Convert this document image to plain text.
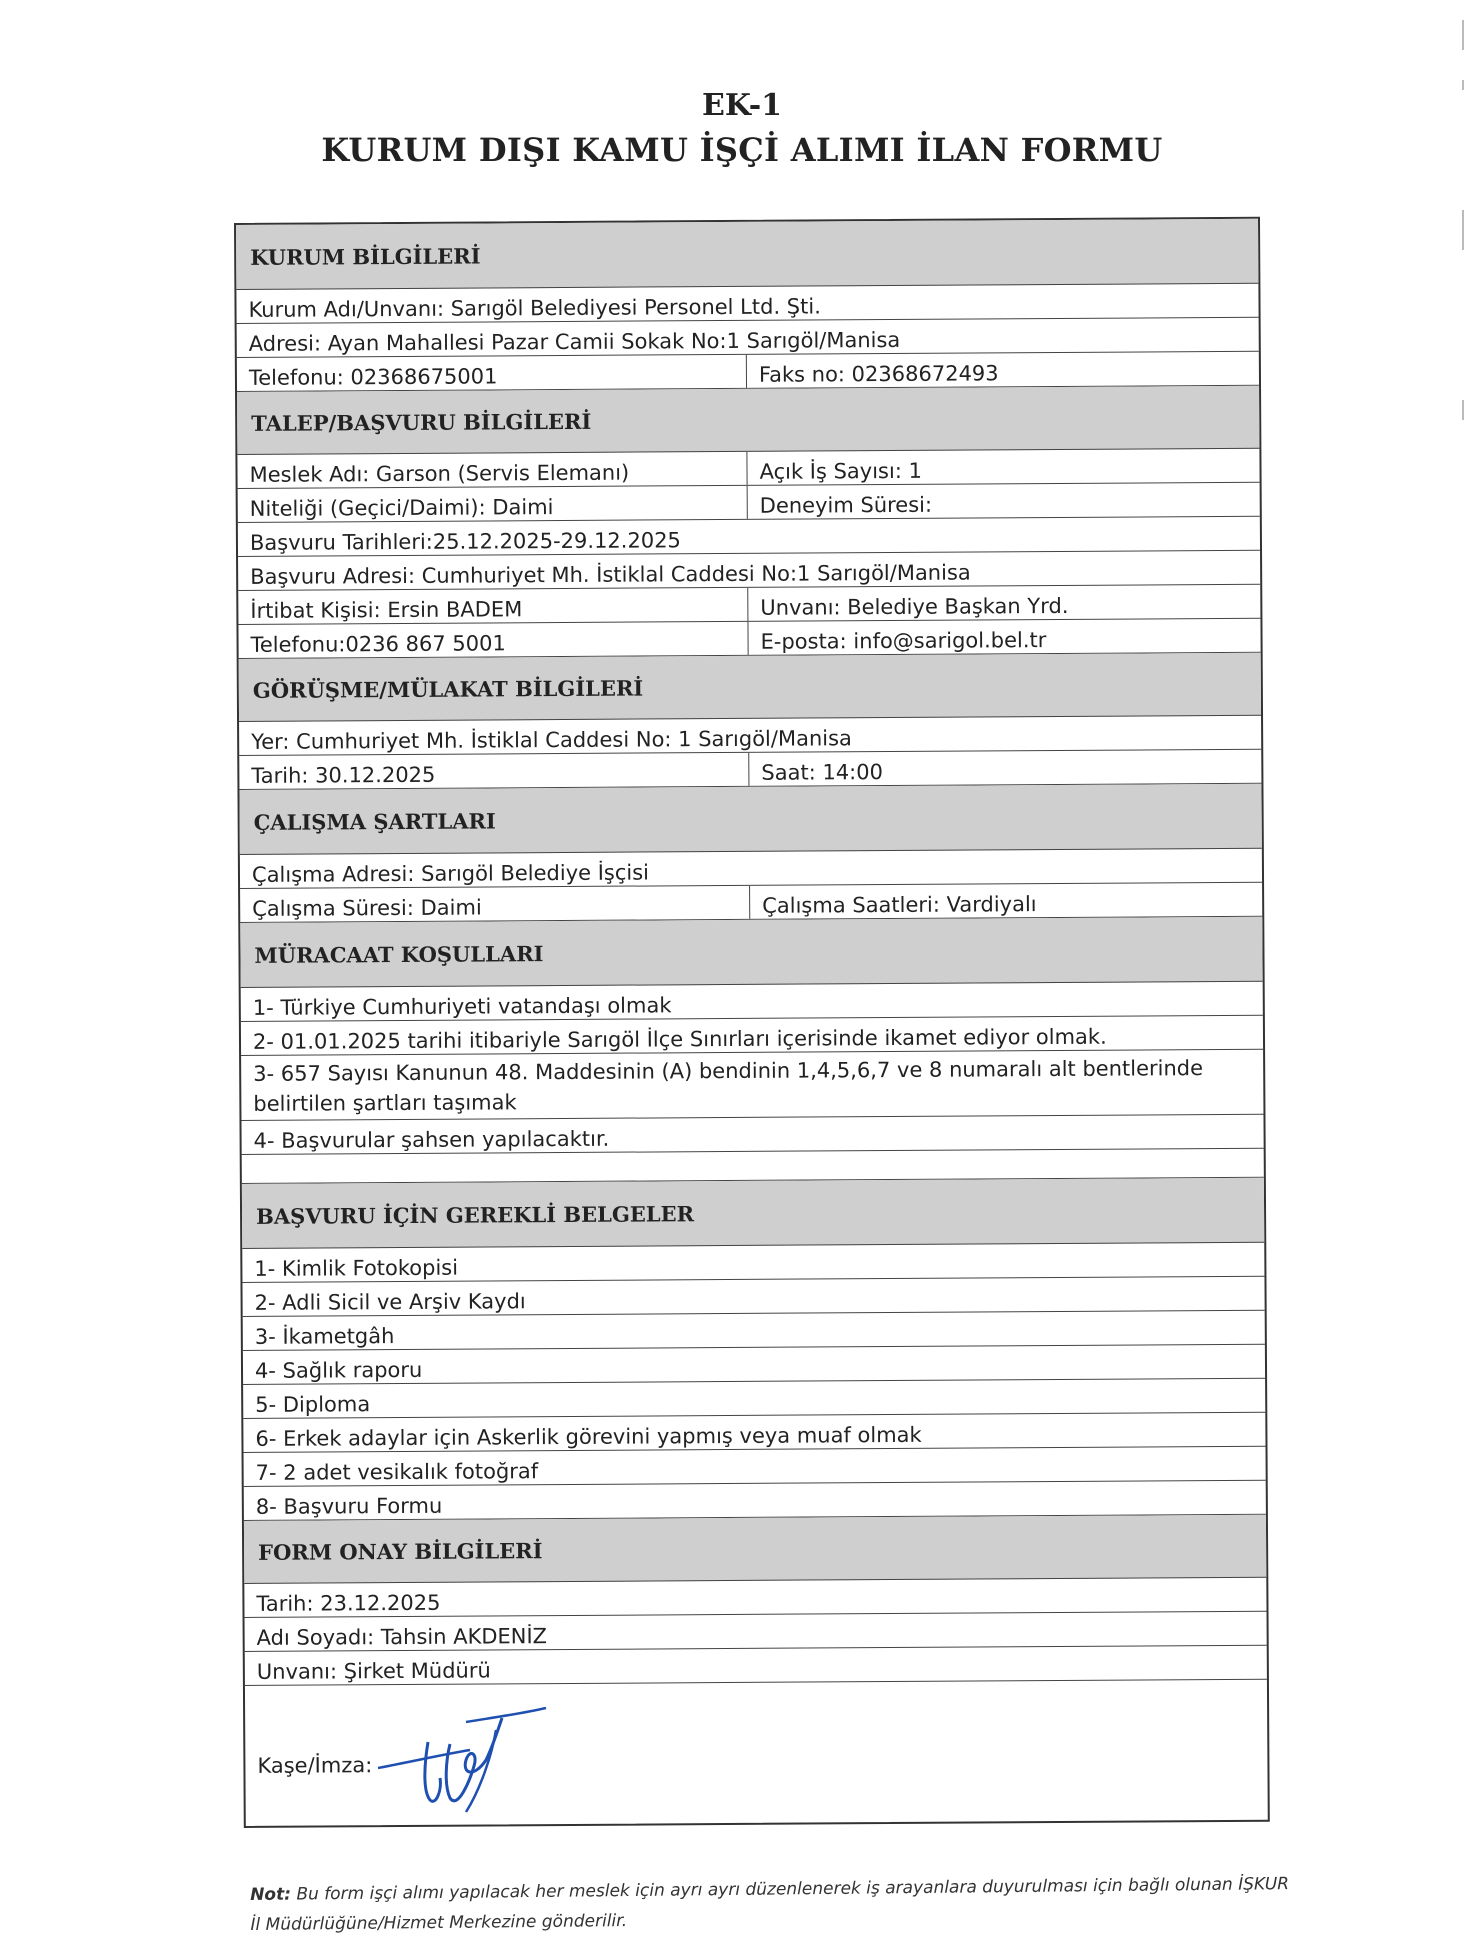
EK-1
KURUM DIŞI KAMU İŞÇİ ALIMI İLAN FORMU
KURUM BİLGİLERİ
Kurum Adı/Unvanı: Sarıgöl Belediyesi Personel Ltd. Şti.
Adresi: Ayan Mahallesi Pazar Camii Sokak No:1 Sarıgöl/Manisa
Telefonu: 02368675001	Faks no: 02368672493
TALEP/BAŞVURU BİLGİLERİ
Meslek Adı: Garson (Servis Elemanı)	Açık İş Sayısı: 1
Niteliği (Geçici/Daimi): Daimi	Deneyim Süresi:
Başvuru Tarihleri:25.12.2025-29.12.2025
Başvuru Adresi: Cumhuriyet Mh. İstiklal Caddesi No:1 Sarıgöl/Manisa
İrtibat Kişisi: Ersin BADEM	Unvanı: Belediye Başkan Yrd.
Telefonu:0236 867 5001	E-posta: info@sarigol.bel.tr
GÖRÜŞME/MÜLAKAT BİLGİLERİ
Yer: Cumhuriyet Mh. İstiklal Caddesi No: 1 Sarıgöl/Manisa
Tarih: 30.12.2025	Saat: 14:00
ÇALIŞMA ŞARTLARI
Çalışma Adresi: Sarıgöl Belediye İşçisi
Çalışma Süresi: Daimi	Çalışma Saatleri: Vardiyalı
MÜRACAAT KOŞULLARI
1- Türkiye Cumhuriyeti vatandaşı olmak
2- 01.01.2025 tarihi itibariyle Sarıgöl İlçe Sınırları içerisinde ikamet ediyor olmak.
3- 657 Sayısı Kanunun 48. Maddesinin (A) bendinin 1,4,5,6,7 ve 8 numaralı alt bentlerinde belirtilen şartları taşımak
4- Başvurular şahsen yapılacaktır.
BAŞVURU İÇİN GEREKLİ BELGELER
1- Kimlik Fotokopisi
2- Adli Sicil ve Arşiv Kaydı
3- İkametgâh
4- Sağlık raporu
5- Diploma
6- Erkek adaylar için Askerlik görevini yapmış veya muaf olmak
7- 2 adet vesikalık fotoğraf
8- Başvuru Formu
FORM ONAY BİLGİLERİ
Tarih: 23.12.2025
Adı Soyadı: Tahsin AKDENİZ
Unvanı: Şirket Müdürü
Kaşe/İmza:
Not: Bu form işçi alımı yapılacak her meslek için ayrı ayrı düzenlenerek iş arayanlara duyurulması için bağlı olunan İŞKUR İl Müdürlüğüne/Hizmet Merkezine gönderilir.
